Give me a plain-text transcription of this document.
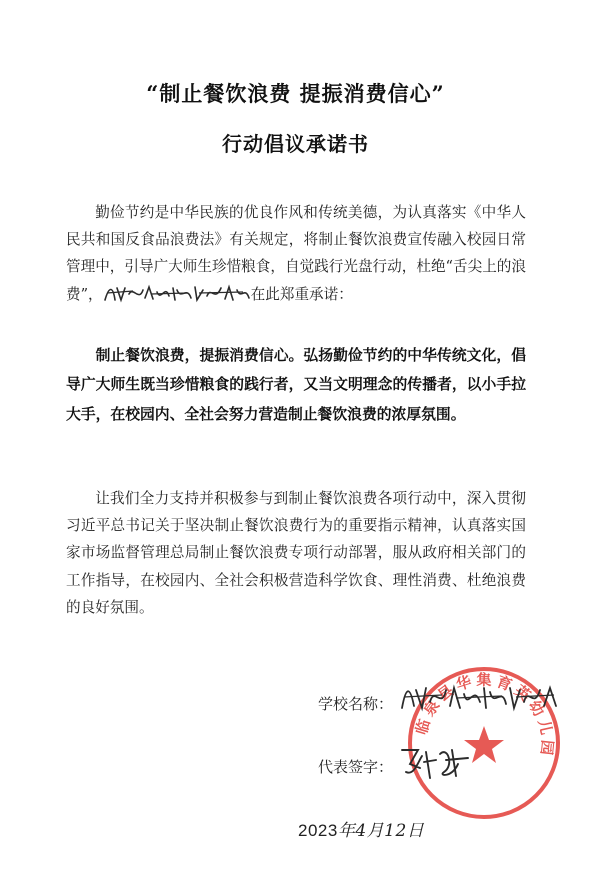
“制止餐饮浪费 提振消费信心”
行动倡议承诺书

勤俭节约是中华民族的优良作风和传统美德，为认真落实《中华人民共和国反食品浪费法》有关规定，将制止餐饮浪费宣传融入校园日常管理中，引导广大师生珍惜粮食，自觉践行光盘行动，杜绝“舌尖上的浪费”，	在此郑重承诺：

制止餐饮浪费，提振消费信心。弘扬勤俭节约的中华传统文化，倡导广大师生既当珍惜粮食的践行者，又当文明理念的传播者，以小手拉大手，在校园内、全社会努力营造制止餐饮浪费的浓厚氛围。

让我们全力支持并积极参与到制止餐饮浪费各项行动中，深入贯彻习近平总书记关于坚决制止餐饮浪费行为的重要指示精神，认真落实国家市场监督管理总局制止餐饮浪费专项行动部署，服从政府相关部门的工作指导，在校园内、全社会积极营造科学饮食、理性消费、杜绝浪费的良好氛围。

临泉县华集育英幼儿园
学校名称：
代表签字：
2023年4月12日
